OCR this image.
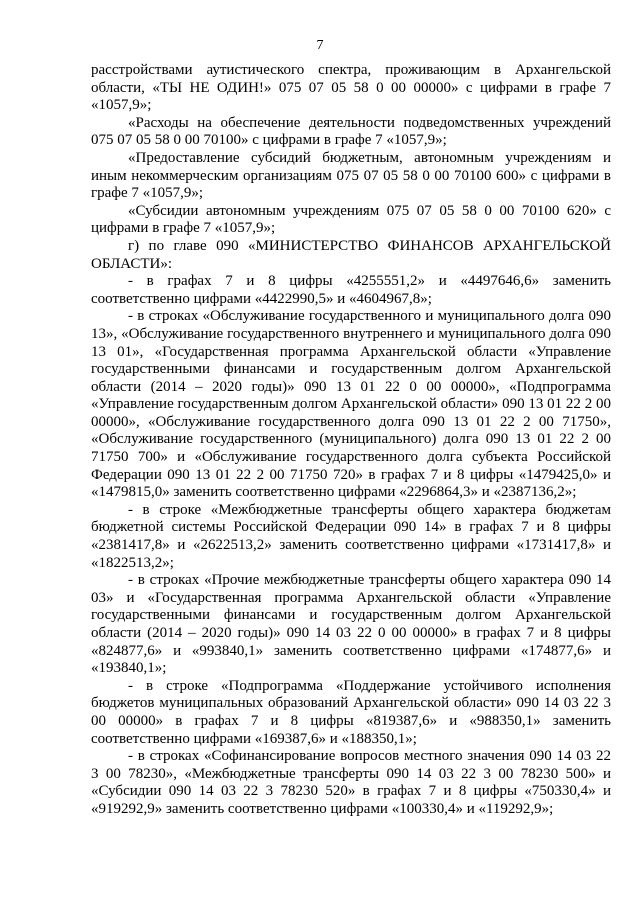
7

расстройствами аутистического спектра, проживающим в Архангельской области, «ТЫ НЕ ОДИН!» 075 07 05 58 0 00 00000» с цифрами в графе 7 «1057,9»;

«Расходы на обеспечение деятельности подведомственных учреждений 075 07 05 58 0 00 70100» с цифрами в графе 7 «1057,9»;

«Предоставление субсидий бюджетным, автономным учреждениям и иным некоммерческим организациям 075 07 05 58 0 00 70100 600» с цифрами в графе 7 «1057,9»;

«Субсидии автономным учреждениям 075 07 05 58 0 00 70100 620» с цифрами в графе 7 «1057,9»;

г) по главе 090 «МИНИСТЕРСТВО ФИНАНСОВ АРХАНГЕЛЬСКОЙ ОБЛАСТИ»:

- в графах 7 и 8 цифры «4255551,2» и «4497646,6» заменить соответственно цифрами «4422990,5» и «4604967,8»;

- в строках «Обслуживание государственного и муниципального долга 090 13», «Обслуживание государственного внутреннего и муниципального долга 090 13 01», «Государственная программа Архангельской области «Управление государственными финансами и государственным долгом Архангельской области (2014 – 2020 годы)» 090 13 01 22 0 00 00000», «Подпрограмма «Управление государственным долгом Архангельской области» 090 13 01 22 2 00 00000», «Обслуживание государственного долга 090 13 01 22 2 00 71750», «Обслуживание государственного (муниципального) долга 090 13 01 22 2 00 71750 700» и «Обслуживание государственного долга субъекта Российской Федерации 090 13 01 22 2 00 71750 720» в графах 7 и 8 цифры «1479425,0» и «1479815,0» заменить соответственно цифрами «2296864,3» и «2387136,2»;

- в строке «Межбюджетные трансферты общего характера бюджетам бюджетной системы Российской Федерации 090 14» в графах 7 и 8 цифры «2381417,8» и «2622513,2» заменить соответственно цифрами «1731417,8» и «1822513,2»;

- в строках «Прочие межбюджетные трансферты общего характера 090 14 03» и «Государственная программа Архангельской области «Управление государственными финансами и государственным долгом Архангельской области (2014 – 2020 годы)» 090 14 03 22 0 00 00000» в графах 7 и 8 цифры «824877,6» и «993840,1» заменить соответственно цифрами «174877,6» и «193840,1»;

- в строке «Подпрограмма «Поддержание устойчивого исполнения бюджетов муниципальных образований Архангельской области» 090 14 03 22 3 00 00000» в графах 7 и 8 цифры «819387,6» и «988350,1» заменить соответственно цифрами «169387,6» и «188350,1»;

- в строках «Софинансирование вопросов местного значения 090 14 03 22 3 00 78230», «Межбюджетные трансферты 090 14 03 22 3 00 78230 500» и «Субсидии 090 14 03 22 3 78230 520» в графах 7 и 8 цифры «750330,4» и «919292,9» заменить соответственно цифрами «100330,4» и «119292,9»;
